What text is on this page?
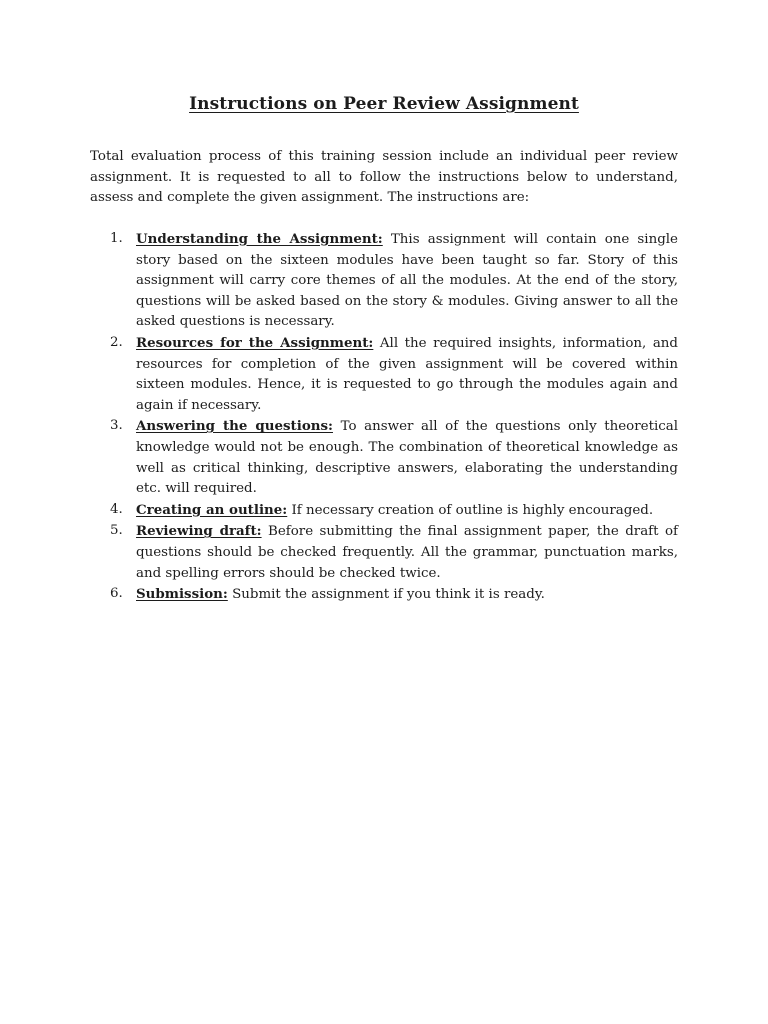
Instructions on Peer Review Assignment

Total evaluation process of this training session include an individual peer review assignment. It is requested to all to follow the instructions below to understand, assess and complete the given assignment. The instructions are:

1. Understanding the Assignment: This assignment will contain one single story based on the sixteen modules have been taught so far. Story of this assignment will carry core themes of all the modules. At the end of the story, questions will be asked based on the story & modules. Giving answer to all the asked questions is necessary.
2. Resources for the Assignment: All the required insights, information, and resources for completion of the given assignment will be covered within sixteen modules. Hence, it is requested to go through the modules again and again if necessary.
3. Answering the questions: To answer all of the questions only theoretical knowledge would not be enough. The combination of theoretical knowledge as well as critical thinking, descriptive answers, elaborating the understanding etc. will required.
4. Creating an outline: If necessary creation of outline is highly encouraged.
5. Reviewing draft: Before submitting the final assignment paper, the draft of questions should be checked frequently. All the grammar, punctuation marks, and spelling errors should be checked twice.
6. Submission: Submit the assignment if you think it is ready.
